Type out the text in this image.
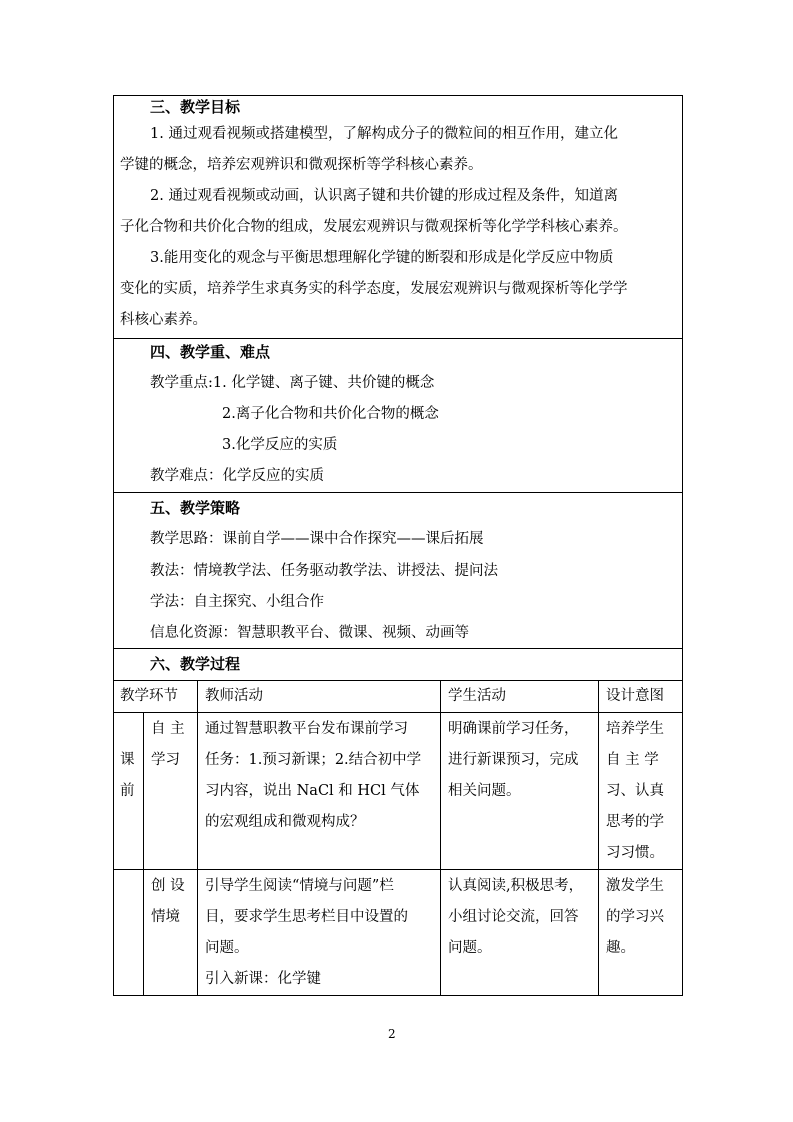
三、教学目标
1. 通过观看视频或搭建模型，了解构成分子的微粒间的相互作用，建立化
学键的概念，培养宏观辨识和微观探析等学科核心素养。
2. 通过观看视频或动画，认识离子键和共价键的形成过程及条件，知道离
子化合物和共价化合物的组成，发展宏观辨识与微观探析等化学学科核心素养。
3.能用变化的观念与平衡思想理解化学键的断裂和形成是化学反应中物质
变化的实质，培养学生求真务实的科学态度，发展宏观辨识与微观探析等化学学
科核心素养。
四、教学重、难点
教学重点:1. 化学键、离子键、共价键的概念
2.离子化合物和共价化合物的概念
3.化学反应的实质
教学难点：化学反应的实质
五、教学策略
教学思路：课前自学——课中合作探究——课后拓展
教法：情境教学法、任务驱动教学法、讲授法、提问法
学法：自主探究、小组合作
信息化资源：智慧职教平台、微课、视频、动画等
六、教学过程
教学环节 教师活动	学生活动	设计意图
课
前
自 主
学习
通过智慧职教平台发布课前学习
任务：1.预习新课；2.结合初中学
习内容，说出 NaCl 和 HCl 气体
的宏观组成和微观构成？
明确课前学习任务，
进行新课预习，完成
相关问题。
培养学生
自 主 学
习、认真
思考的学
习习惯。
创 设
情境
引导学生阅读“情境与问题”栏
目，要求学生思考栏目中设置的
问题。
引入新课：化学键
认真阅读,积极思考，
小组讨论交流，回答
问题。
激发学生
的学习兴
趣。
2
